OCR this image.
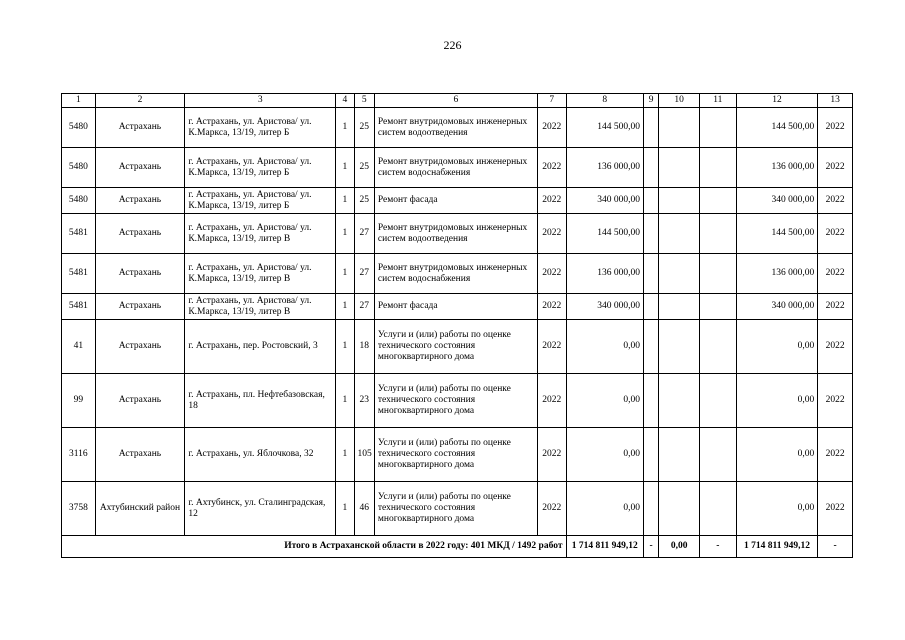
226
1	2	3	4	5	6	7	8	9	10	11	12	13
5480	Астрахань	г. Астрахань, ул. Аристова/ ул. К.Маркса, 13/19, литер Б	1	25	Ремонт внутридомовых инженерных систем водоотведения	2022	144 500,00				144 500,00	2022
5480	Астрахань	г. Астрахань, ул. Аристова/ ул. К.Маркса, 13/19, литер Б	1	25	Ремонт внутридомовых инженерных систем водоснабжения	2022	136 000,00				136 000,00	2022
5480	Астрахань	г. Астрахань, ул. Аристова/ ул. К.Маркса, 13/19, литер Б	1	25	Ремонт фасада	2022	340 000,00				340 000,00	2022
5481	Астрахань	г. Астрахань, ул. Аристова/ ул. К.Маркса, 13/19, литер В	1	27	Ремонт внутридомовых инженерных систем водоотведения	2022	144 500,00				144 500,00	2022
5481	Астрахань	г. Астрахань, ул. Аристова/ ул. К.Маркса, 13/19, литер В	1	27	Ремонт внутридомовых инженерных систем водоснабжения	2022	136 000,00				136 000,00	2022
5481	Астрахань	г. Астрахань, ул. Аристова/ ул. К.Маркса, 13/19, литер В	1	27	Ремонт фасада	2022	340 000,00				340 000,00	2022
41	Астрахань	г. Астрахань, пер. Ростовский, 3	1	18	Услуги и (или) работы по оценке технического состояния многоквартирного дома	2022	0,00				0,00	2022
99	Астрахань	г. Астрахань, пл. Нефтебазовская, 18	1	23	Услуги и (или) работы по оценке технического состояния многоквартирного дома	2022	0,00				0,00	2022
3116	Астрахань	г. Астрахань, ул. Яблочкова, 32	1	105	Услуги и (или) работы по оценке технического состояния многоквартирного дома	2022	0,00				0,00	2022
3758	Ахтубинский район	г. Ахтубинск, ул. Сталинградская, 12	1	46	Услуги и (или) работы по оценке технического состояния многоквартирного дома	2022	0,00				0,00	2022
Итого в Астраханской области в 2022 году: 401 МКД / 1492 работ							1 714 811 949,12	-	0,00	-	1 714 811 949,12	-
